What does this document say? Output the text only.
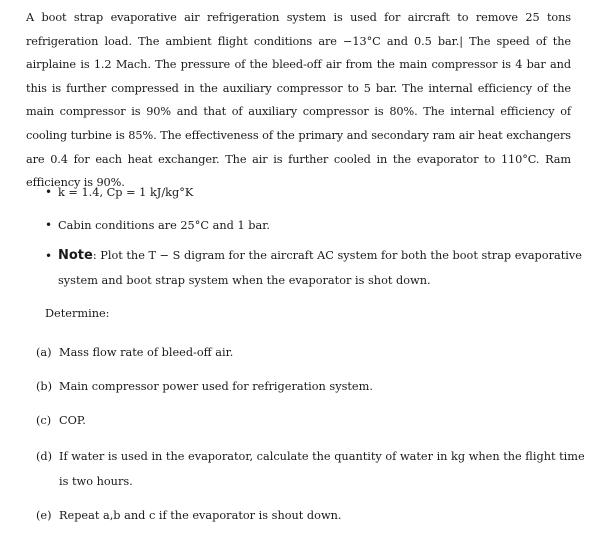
A boot strap evaporative air refrigeration system is used for aircraft to remove 25 tons refrigeration load. The ambient flight conditions are −13°C and 0.5 bar.| The speed of the airplaine is 1.2 Mach. The pressure of the bleed-off air from the main compressor is 4 bar and this is further compressed in the auxiliary compressor to 5 bar. The internal efficiency of the main compressor is 90% and that of auxiliary compressor is 80%. The internal efficiency of cooling turbine is 85%. The effectiveness of the primary and secondary ram air heat exchangers are 0.4 for each heat exchanger. The air is further cooled in the evaporator to 110°C. Ram efficiency is 90%.
• k = 1.4, Cp = 1 kJ/kg°K
• Cabin conditions are 25°C and 1 bar.
• Note: Plot the T − S digram for the aircraft AC system for both the boot strap evaporative
system and boot strap system when the evaporator is shot down.
Determine:
(a) Mass flow rate of bleed-off air.
(b) Main compressor power used for refrigeration system.
(c) COP.
(d) If water is used in the evaporator, calculate the quantity of water in kg when the flight time
is two hours.
(e) Repeat a,b and c if the evaporator is shout down.
